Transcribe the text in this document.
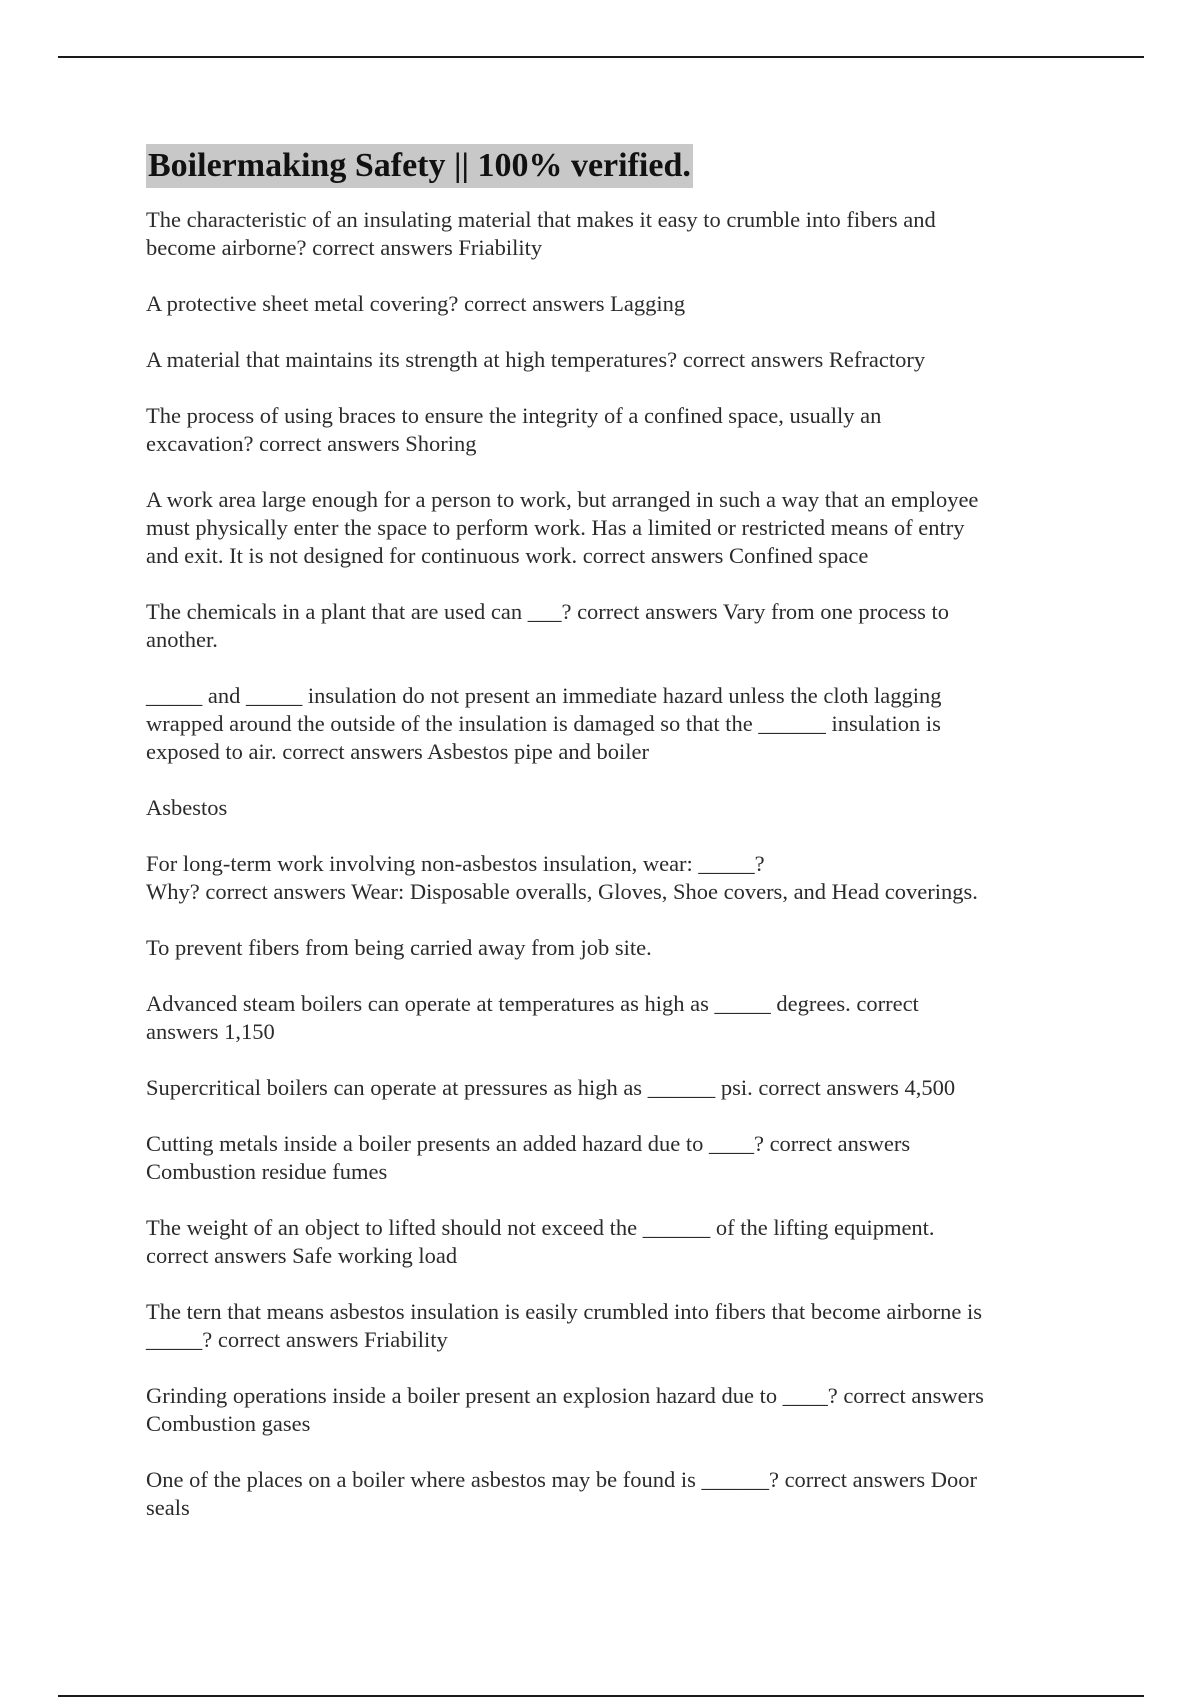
Boilermaking Safety || 100% verified.

The characteristic of an insulating material that makes it easy to crumble into fibers and
become airborne? correct answers Friability

A protective sheet metal covering? correct answers Lagging

A material that maintains its strength at high temperatures? correct answers Refractory

The process of using braces to ensure the integrity of a confined space, usually an
excavation? correct answers Shoring

A work area large enough for a person to work, but arranged in such a way that an employee
must physically enter the space to perform work. Has a limited or restricted means of entry
and exit. It is not designed for continuous work. correct answers Confined space

The chemicals in a plant that are used can ___? correct answers Vary from one process to
another.

_____ and _____ insulation do not present an immediate hazard unless the cloth lagging
wrapped around the outside of the insulation is damaged so that the ______ insulation is
exposed to air. correct answers Asbestos pipe and boiler

Asbestos

For long-term work involving non-asbestos insulation, wear: _____?
Why? correct answers Wear: Disposable overalls, Gloves, Shoe covers, and Head coverings.

To prevent fibers from being carried away from job site.

Advanced steam boilers can operate at temperatures as high as _____ degrees. correct
answers 1,150

Supercritical boilers can operate at pressures as high as ______ psi. correct answers 4,500

Cutting metals inside a boiler presents an added hazard due to ____? correct answers
Combustion residue fumes

The weight of an object to lifted should not exceed the ______ of the lifting equipment.
correct answers Safe working load

The tern that means asbestos insulation is easily crumbled into fibers that become airborne is
_____? correct answers Friability

Grinding operations inside a boiler present an explosion hazard due to ____? correct answers
Combustion gases

One of the places on a boiler where asbestos may be found is ______? correct answers Door
seals
